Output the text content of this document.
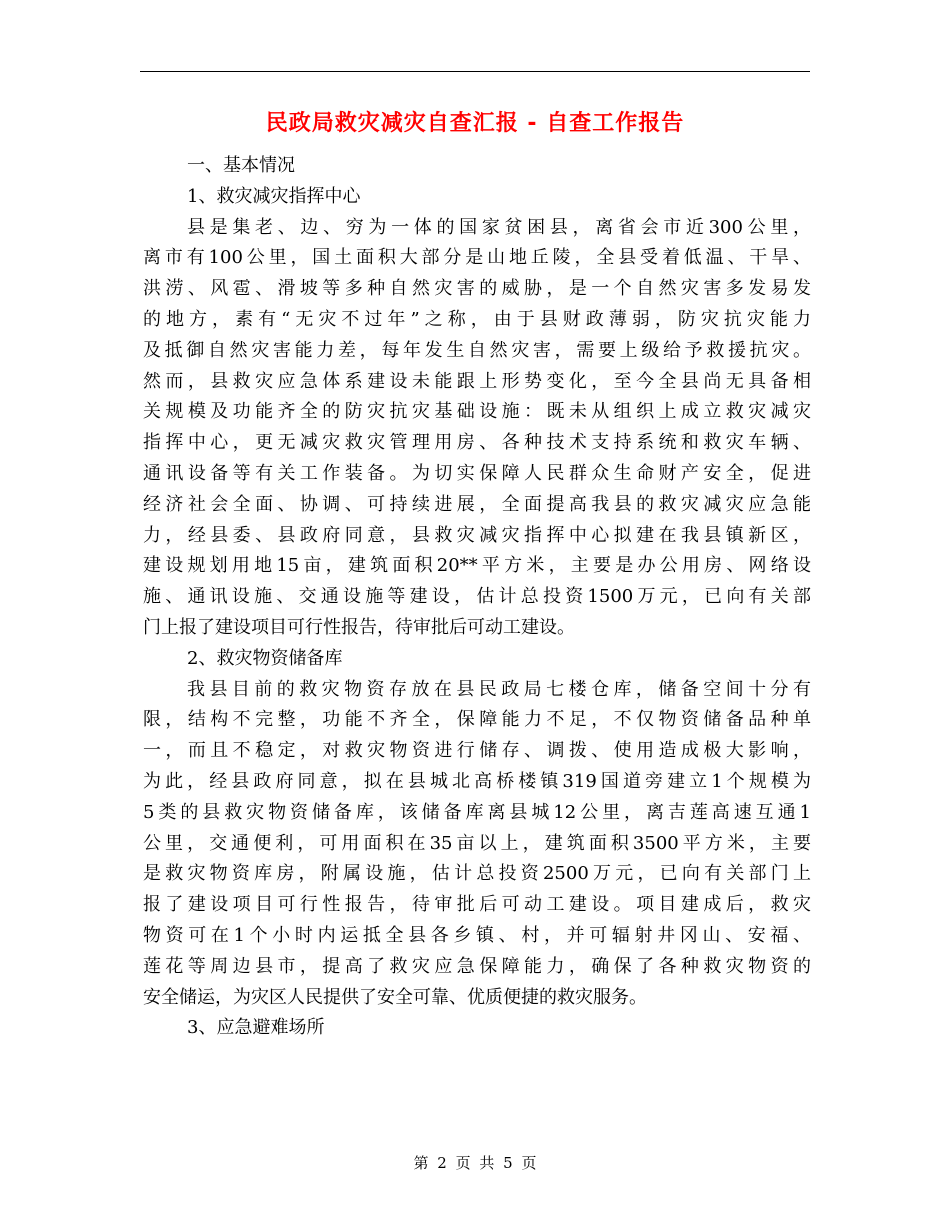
民政局救灾减灾自查汇报 - 自查工作报告
一、基本情况
1、救灾减灾指挥中心
县是集老、边、穷为一体的国家贫困县，离省会市近300公里，
离市有100公里，国土面积大部分是山地丘陵，全县受着低温、干旱、
洪涝、风雹、滑坡等多种自然灾害的威胁，是一个自然灾害多发易发
的地方，素有“无灾不过年”之称，由于县财政薄弱，防灾抗灾能力
及抵御自然灾害能力差，每年发生自然灾害，需要上级给予救援抗灾。
然而，县救灾应急体系建设未能跟上形势变化，至今全县尚无具备相
关规模及功能齐全的防灾抗灾基础设施：既未从组织上成立救灾减灾
指挥中心，更无减灾救灾管理用房、各种技术支持系统和救灾车辆、
通讯设备等有关工作装备。为切实保障人民群众生命财产安全，促进
经济社会全面、协调、可持续进展，全面提高我县的救灾减灾应急能
力，经县委、县政府同意，县救灾减灾指挥中心拟建在我县镇新区，
建设规划用地15亩，建筑面积20**平方米，主要是办公用房、网络设
施、通讯设施、交通设施等建设，估计总投资1500万元，已向有关部
门上报了建设项目可行性报告，待审批后可动工建设。
2、救灾物资储备库
我县目前的救灾物资存放在县民政局七楼仓库，储备空间十分有
限，结构不完整，功能不齐全，保障能力不足，不仅物资储备品种单
一，而且不稳定，对救灾物资进行储存、调拨、使用造成极大影响，
为此，经县政府同意，拟在县城北高桥楼镇319国道旁建立1个规模为
5类的县救灾物资储备库，该储备库离县城12公里，离吉莲高速互通1
公里，交通便利，可用面积在35亩以上，建筑面积3500平方米，主要
是救灾物资库房，附属设施，估计总投资2500万元，已向有关部门上
报了建设项目可行性报告，待审批后可动工建设。项目建成后，救灾
物资可在1个小时内运抵全县各乡镇、村，并可辐射井冈山、安福、
莲花等周边县市，提高了救灾应急保障能力，确保了各种救灾物资的
安全储运，为灾区人民提供了安全可靠、优质便捷的救灾服务。
3、应急避难场所
第 2 页 共 5 页
